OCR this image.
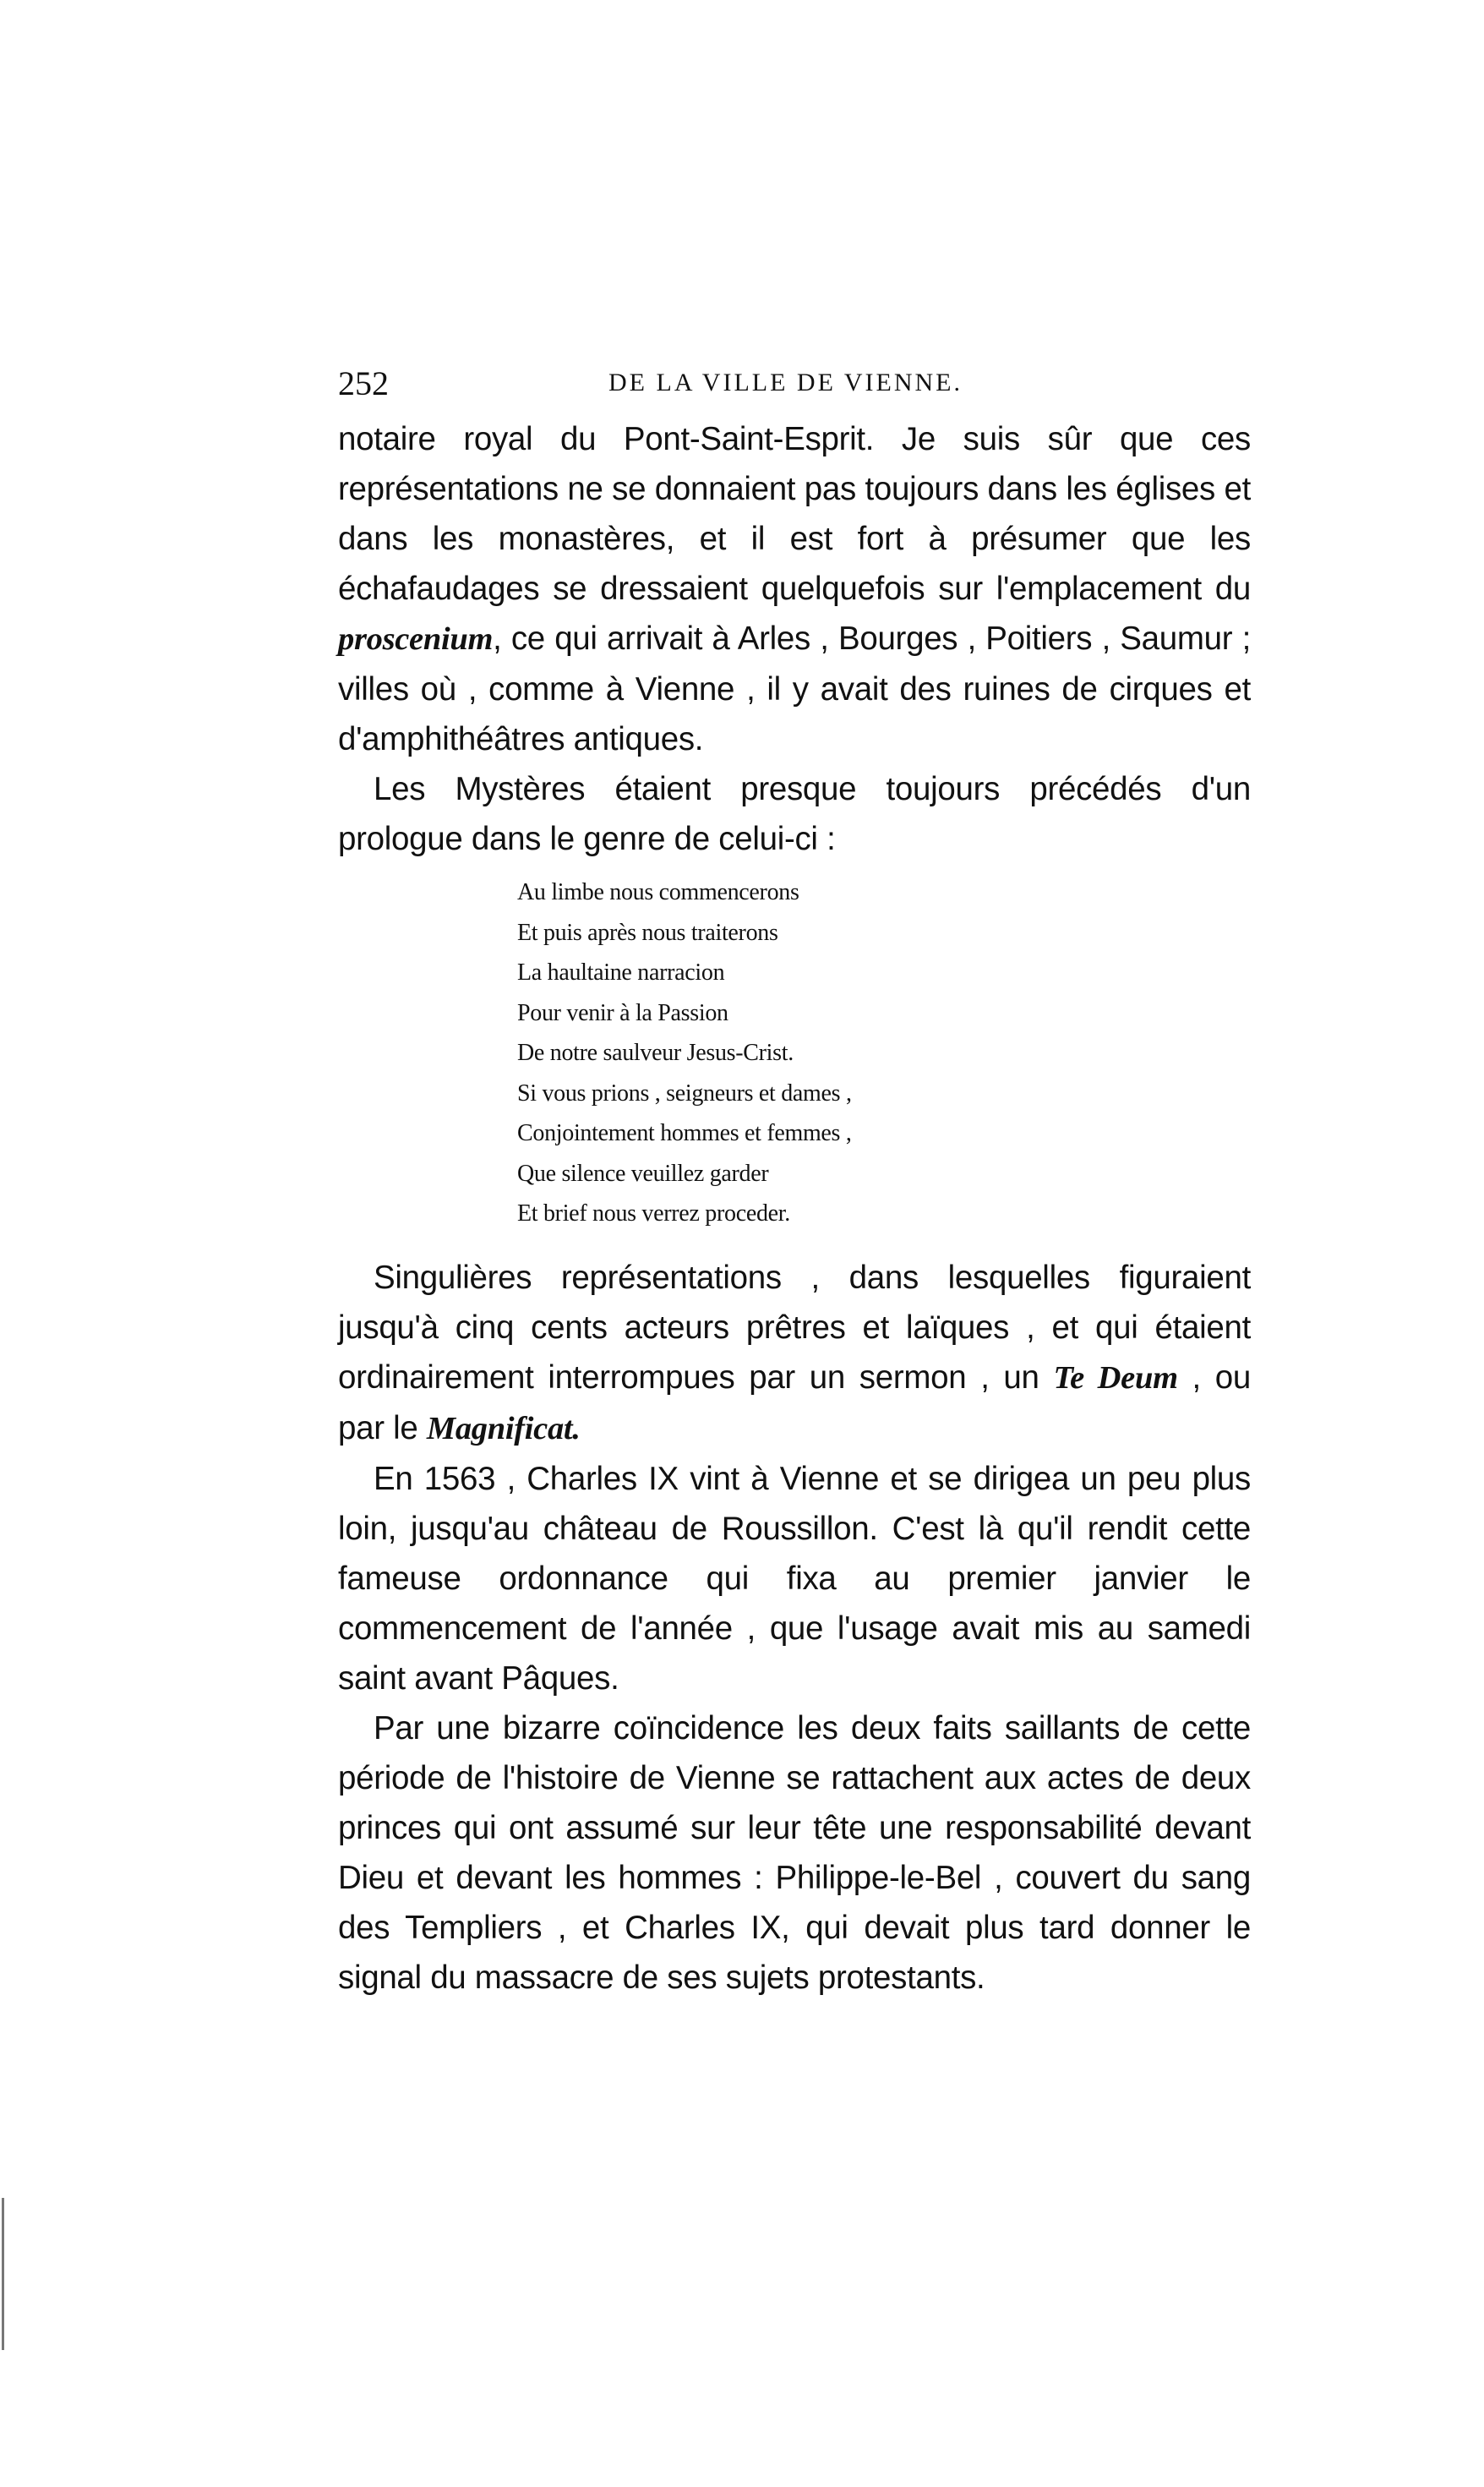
252	DE LA VILLE DE VIENNE.

notaire royal du Pont-Saint-Esprit. Je suis sûr que ces représentations ne se donnaient pas toujours dans les églises et dans les monastères, et il est fort à présumer que les échafaudages se dressaient quelquefois sur l'emplacement du proscenium, ce qui arrivait à Arles , Bourges , Poitiers , Saumur ; villes où , comme à Vienne , il y avait des ruines de cirques et d'amphithéâtres antiques.

Les Mystères étaient presque toujours précédés d'un prologue dans le genre de celui-ci :

Au limbe nous commencerons
Et puis après nous traiterons
La haultaine narracion
Pour venir à la Passion
De notre saulveur Jesus-Crist.
Si vous prions , seigneurs et dames ,
Conjointement hommes et femmes ,
Que silence veuillez garder
Et brief nous verrez proceder.

Singulières représentations , dans lesquelles figuraient jusqu'à cinq cents acteurs prêtres et laïques , et qui étaient ordinairement interrompues par un sermon , un Te Deum , ou par le Magnificat.

En 1563 , Charles IX vint à Vienne et se dirigea un peu plus loin, jusqu'au château de Roussillon. C'est là qu'il rendit cette fameuse ordonnance qui fixa au premier janvier le commencement de l'année , que l'usage avait mis au samedi saint avant Pâques.

Par une bizarre coïncidence les deux faits saillants de cette période de l'histoire de Vienne se rattachent aux actes de deux princes qui ont assumé sur leur tête une responsabilité devant Dieu et devant les hommes : Philippe-le-Bel , couvert du sang des Templiers , et Charles IX, qui devait plus tard donner le signal du massacre de ses sujets protestants.
